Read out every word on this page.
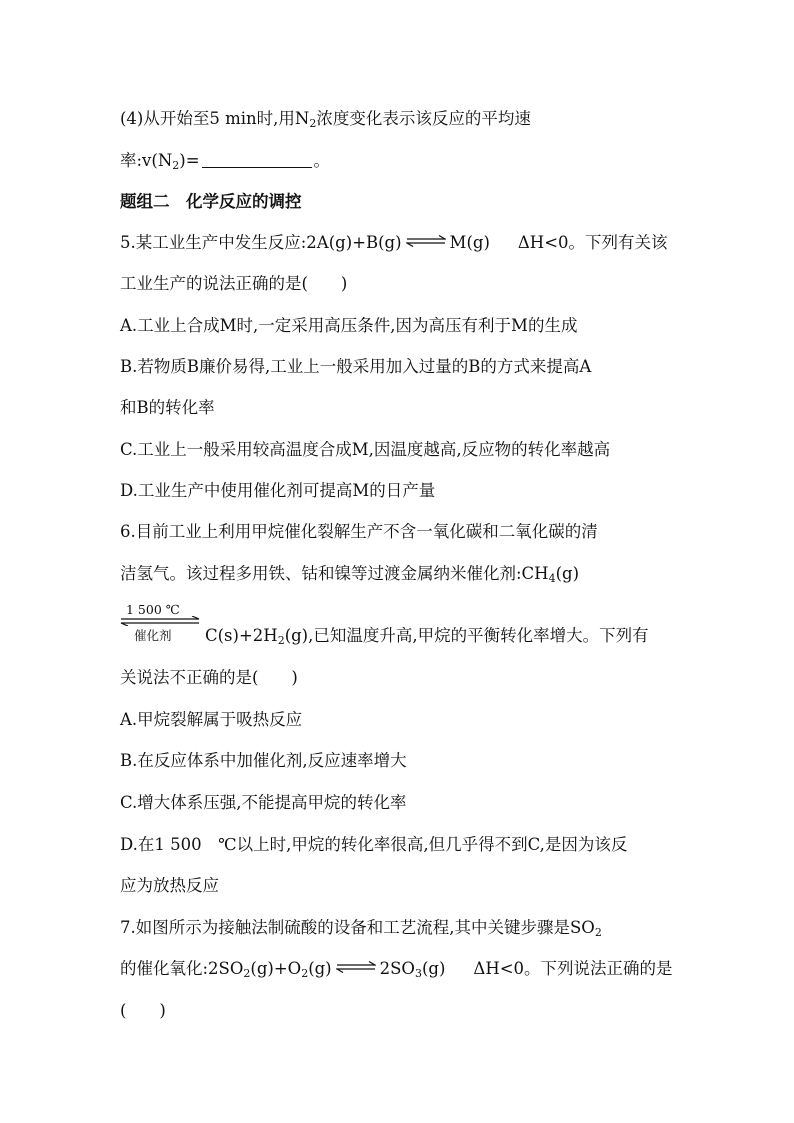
(4)从开始至5 min时,用$N_2$浓度变化表示该反应的平均速
率$:v(N_2)=$	。
题组二　化学反应的调控
5.某工业生产中发生反应:2A(g)+B(g) ⇌ M(g) ΔH<0。下列有关该
工业生产的说法正确的是(　　)
A.工业上合成M时,一定采用高压条件,因为高压有利于M的生成
B.若物质B廉价易得,工业上一般采用加入过量的B的方式来提高A
和B的转化率
C.工业上一般采用较高温度合成M,因温度越高,反应物的转化率越高
D.工业生产中使用催化剂可提高M的日产量
6.目前工业上利用甲烷催化裂解生产不含一氧化碳和二氧化碳的清
洁氢气。该过程多用铁、钴和镍等过渡金属纳米催化剂$:CH_4(g)$
1 500 ℃
催化剂 $C(s)+2H_2(g)$,已知温度升高,甲烷的平衡转化率增大。下列有
关说法不正确的是(　　)
A.甲烷裂解属于吸热反应
B.在反应体系中加催化剂,反应速率增大
C.增大体系压强,不能提高甲烷的转化率
D.在1 500　℃以上时,甲烷的转化率很高,但几乎得不到C,是因为该反
应为放热反应
7.如图所示为接触法制硫酸的设备和工艺流程,其中关键步骤是$SO_2$
的催化氧化$:2SO_2(g)+O_2(g)$ ⇌ $2SO_3(g)$ ΔH<0。下列说法正确的是
(　　)
